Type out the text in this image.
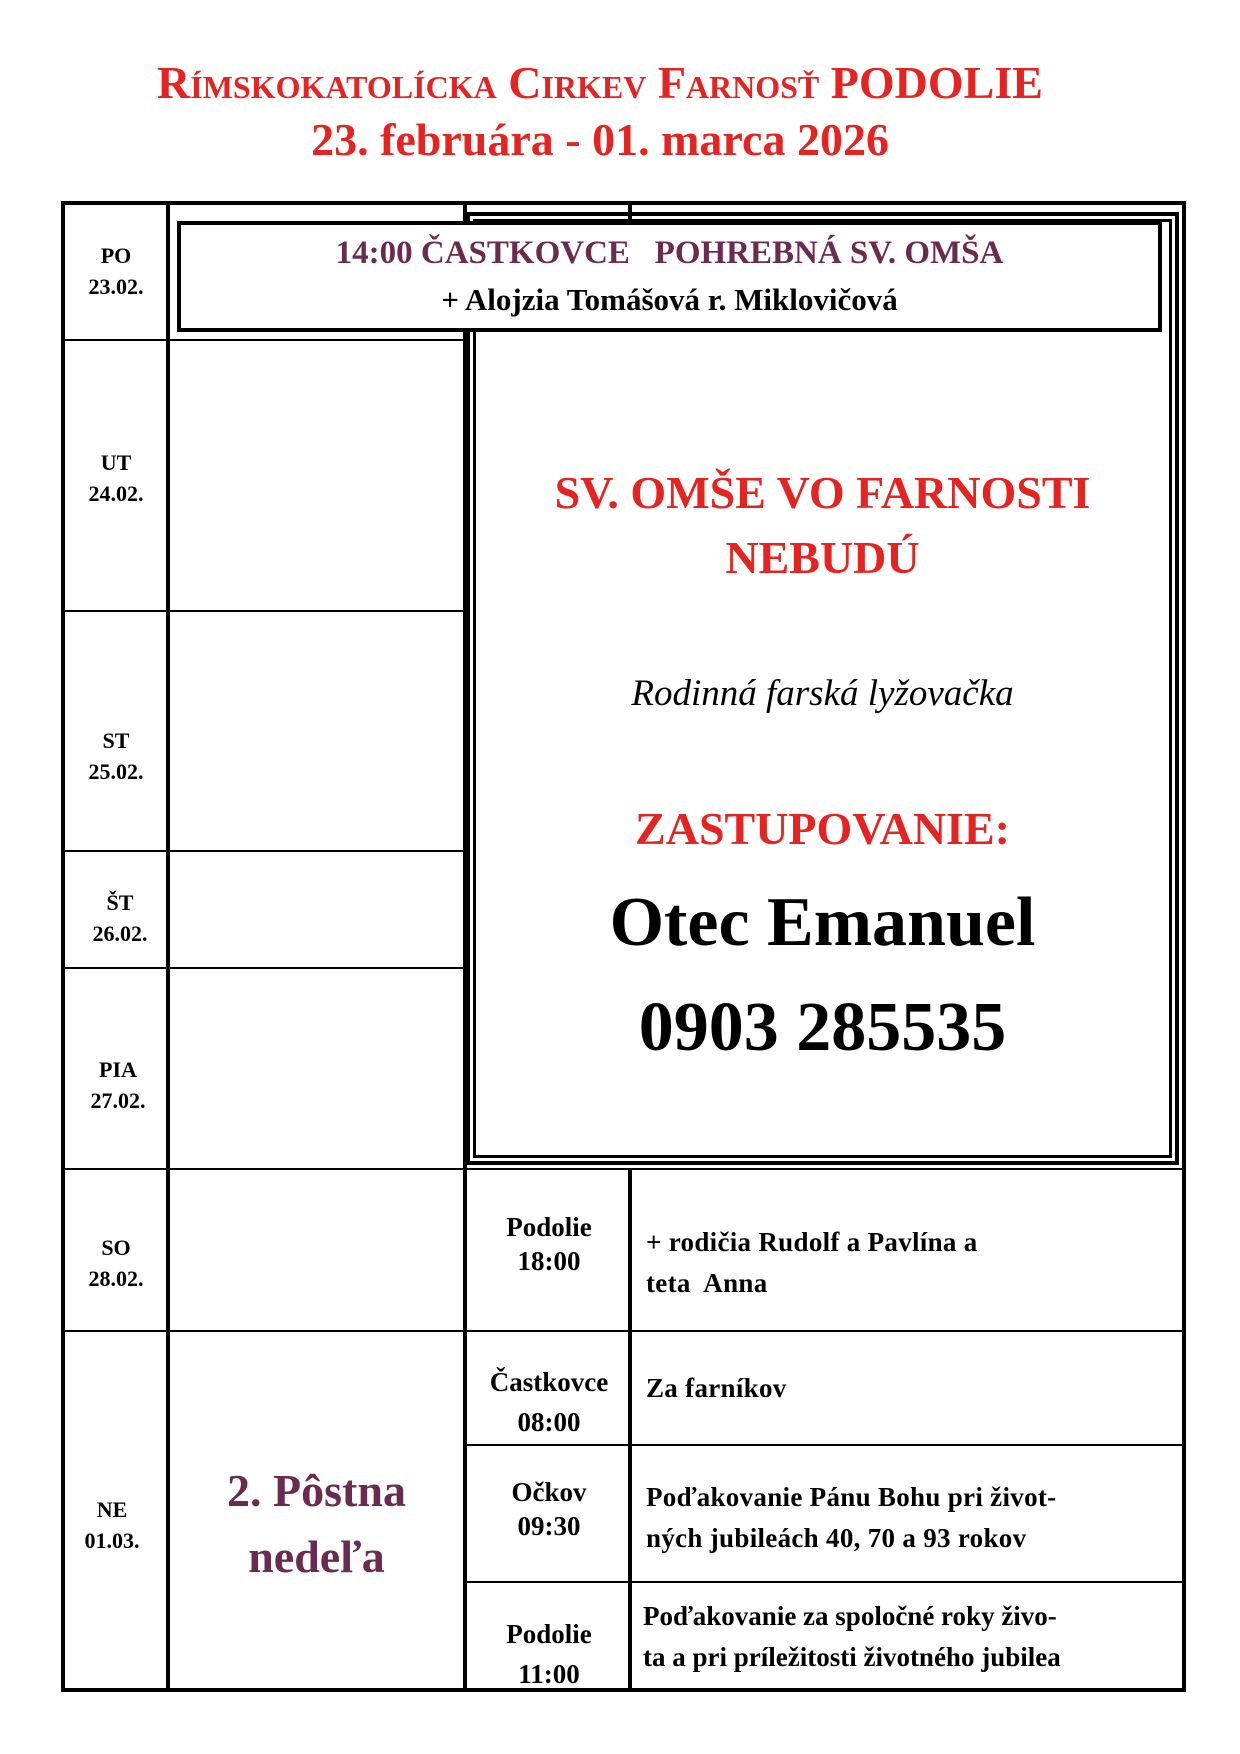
Rímskokatolícka Cirkev Farnosť PODOLIE
23. februára - 01. marca 2026
14:00 ČASTKOVCE   POHREBNÁ SV. OMŠA
+ Alojzia Tomášová r. Miklovičová
SV. OMŠE VO FARNOSTI
NEBUDÚ
Rodinná farská lyžovačka
ZASTUPOVANIE:
Otec Emanuel
0903 285535
PO
23.02.
UT
24.02.
ST
25.02.
ŠT
26.02.
PIA
27.02.
SO
28.02.
NE
01.03.
2. Pôstna
nedeľa
Podolie
18:00
Častkovce
08:00
Očkov
09:30
Podolie
11:00
+ rodičia Rudolf a Pavlína a
teta  Anna
Za farníkov
Poďakovanie Pánu Bohu pri život-
ných jubileách 40, 70 a 93 rokov
Poďakovanie za spoločné roky živo-
ta a pri príležitosti životného jubilea
